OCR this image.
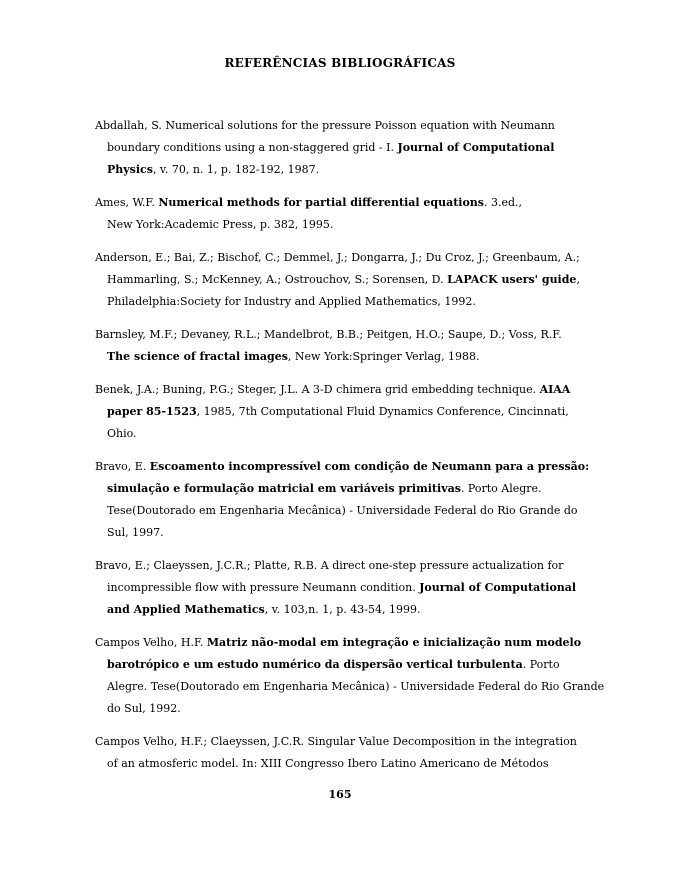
REFERÊNCIAS BIBLIOGRÁFICAS
Abdallah, S. Numerical solutions for the pressure Poisson equation with Neumann
boundary conditions using a non-staggered grid - I. Journal of Computational
Physics, v. 70, n. 1, p. 182-192, 1987.
Ames, W.F. Numerical methods for partial differential equations. 3.ed.,
New York:Academic Press, p. 382, 1995.
Anderson, E.; Bai, Z.; Bischof, C.; Demmel, J.; Dongarra, J.; Du Croz, J.; Greenbaum, A.;
Hammarling, S.; McKenney, A.; Ostrouchov, S.; Sorensen, D. LAPACK users' guide,
Philadelphia:Society for Industry and Applied Mathematics, 1992.
Barnsley, M.F.; Devaney, R.L.; Mandelbrot, B.B.; Peitgen, H.O.; Saupe, D.; Voss, R.F.
The science of fractal images, New York:Springer Verlag, 1988.
Benek, J.A.; Buning, P.G.; Steger, J.L. A 3-D chimera grid embedding technique. AIAA
paper 85-1523, 1985, 7th Computational Fluid Dynamics Conference, Cincinnati,
Ohio.
Bravo, E. Escoamento incompressível com condição de Neumann para a pressão:
simulação e formulação matricial em variáveis primitivas. Porto Alegre.
Tese(Doutorado em Engenharia Mecânica) - Universidade Federal do Rio Grande do
Sul, 1997.
Bravo, E.; Claeyssen, J.C.R.; Platte, R.B. A direct one-step pressure actualization for
incompressible flow with pressure Neumann condition. Journal of Computational
and Applied Mathematics, v. 103,n. 1, p. 43-54, 1999.
Campos Velho, H.F. Matriz não-modal em integração e inicialização num modelo
barotrópico e um estudo numérico da dispersão vertical turbulenta. Porto
Alegre. Tese(Doutorado em Engenharia Mecânica) - Universidade Federal do Rio Grande
do Sul, 1992.
Campos Velho, H.F.; Claeyssen, J.C.R. Singular Value Decomposition in the integration
of an atmosferic model. In: XIII Congresso Ibero Latino Americano de Métodos
165
